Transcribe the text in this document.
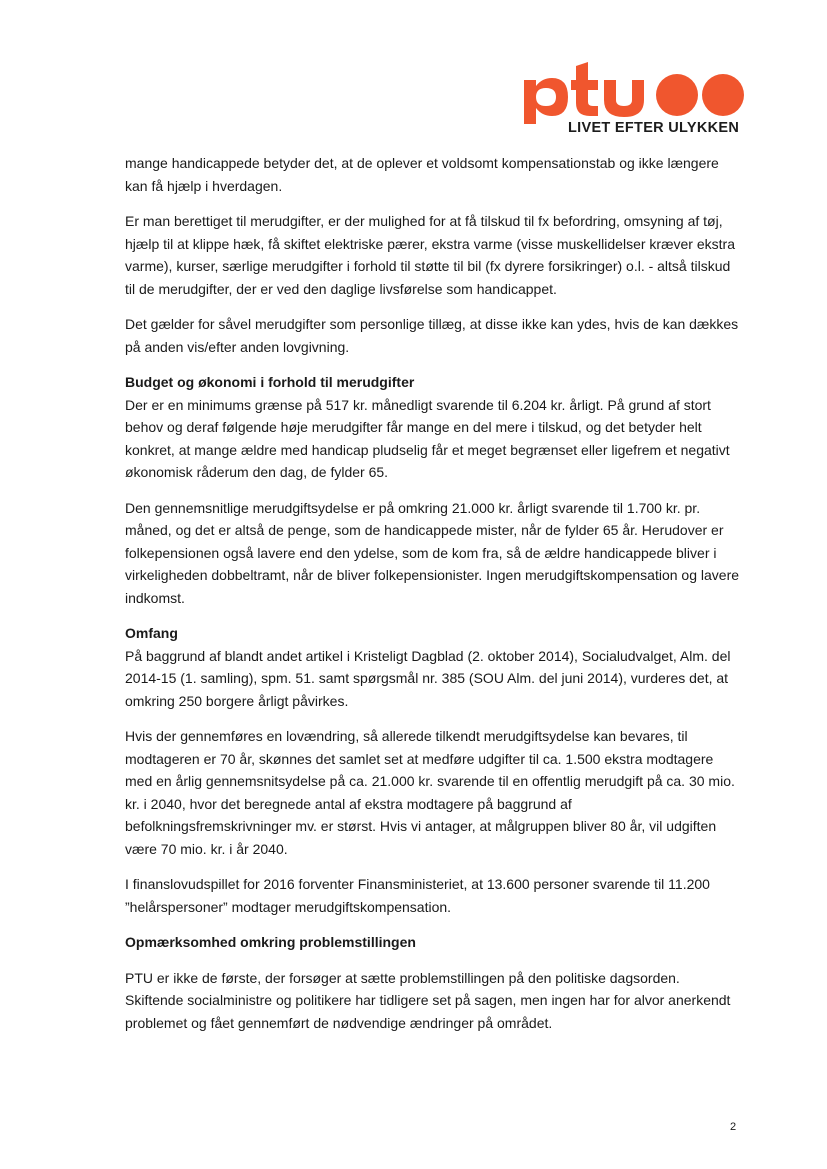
LIVET EFTER ULYKKEN

mange handicappede betyder det, at de oplever et voldsomt kompensationstab og ikke længere kan få hjælp i hverdagen.

Er man berettiget til merudgifter, er der mulighed for at få tilskud til fx befordring, omsyning af tøj, hjælp til at klippe hæk, få skiftet elektriske pærer, ekstra varme (visse muskellidelser kræver ekstra varme), kurser, særlige merudgifter i forhold til støtte til bil (fx dyrere forsikringer) o.l. - altså tilskud til de merudgifter, der er ved den daglige livsførelse som handicappet.

Det gælder for såvel merudgifter som personlige tillæg, at disse ikke kan ydes, hvis de kan dækkes på anden vis/efter anden lovgivning.

Budget og økonomi i forhold til merudgifter

Der er en minimums grænse på 517 kr. månedligt svarende til 6.204 kr. årligt. På grund af stort behov og deraf følgende høje merudgifter får mange en del mere i tilskud, og det betyder helt konkret, at mange ældre med handicap pludselig får et meget begrænset eller ligefrem et negativt økonomisk råderum den dag, de fylder 65.

Den gennemsnitlige merudgiftsydelse er på omkring 21.000 kr. årligt svarende til 1.700 kr. pr. måned, og det er altså de penge, som de handicappede mister, når de fylder 65 år. Herudover er folkepensionen også lavere end den ydelse, som de kom fra, så de ældre handicappede bliver i virkeligheden dobbeltramt, når de bliver folkepensionister. Ingen merudgiftskompensation og lavere indkomst.

Omfang

På baggrund af blandt andet artikel i Kristeligt Dagblad (2. oktober 2014), Socialudvalget, Alm. del 2014-15 (1. samling), spm. 51. samt spørgsmål nr. 385 (SOU Alm. del juni 2014), vurderes det, at omkring 250 borgere årligt påvirkes.

Hvis der gennemføres en lovændring, så allerede tilkendt merudgiftsydelse kan bevares, til modtageren er 70 år, skønnes det samlet set at medføre udgifter til ca. 1.500 ekstra modtagere med en årlig gennemsnitsydelse på ca. 21.000 kr. svarende til en offentlig merudgift på ca. 30 mio. kr. i 2040, hvor det beregnede antal af ekstra modtagere på baggrund af befolkningsfremskrivninger mv. er størst. Hvis vi antager, at målgruppen bliver 80 år, vil udgiften være 70 mio. kr. i år 2040.

I finanslovudspillet for 2016 forventer Finansministeriet, at 13.600 personer svarende til 11.200 ”helårspersoner” modtager merudgiftskompensation.

Opmærksomhed omkring problemstillingen

PTU er ikke de første, der forsøger at sætte problemstillingen på den politiske dagsorden. Skiftende socialministre og politikere har tidligere set på sagen, men ingen har for alvor anerkendt problemet og fået gennemført de nødvendige ændringer på området.

2
